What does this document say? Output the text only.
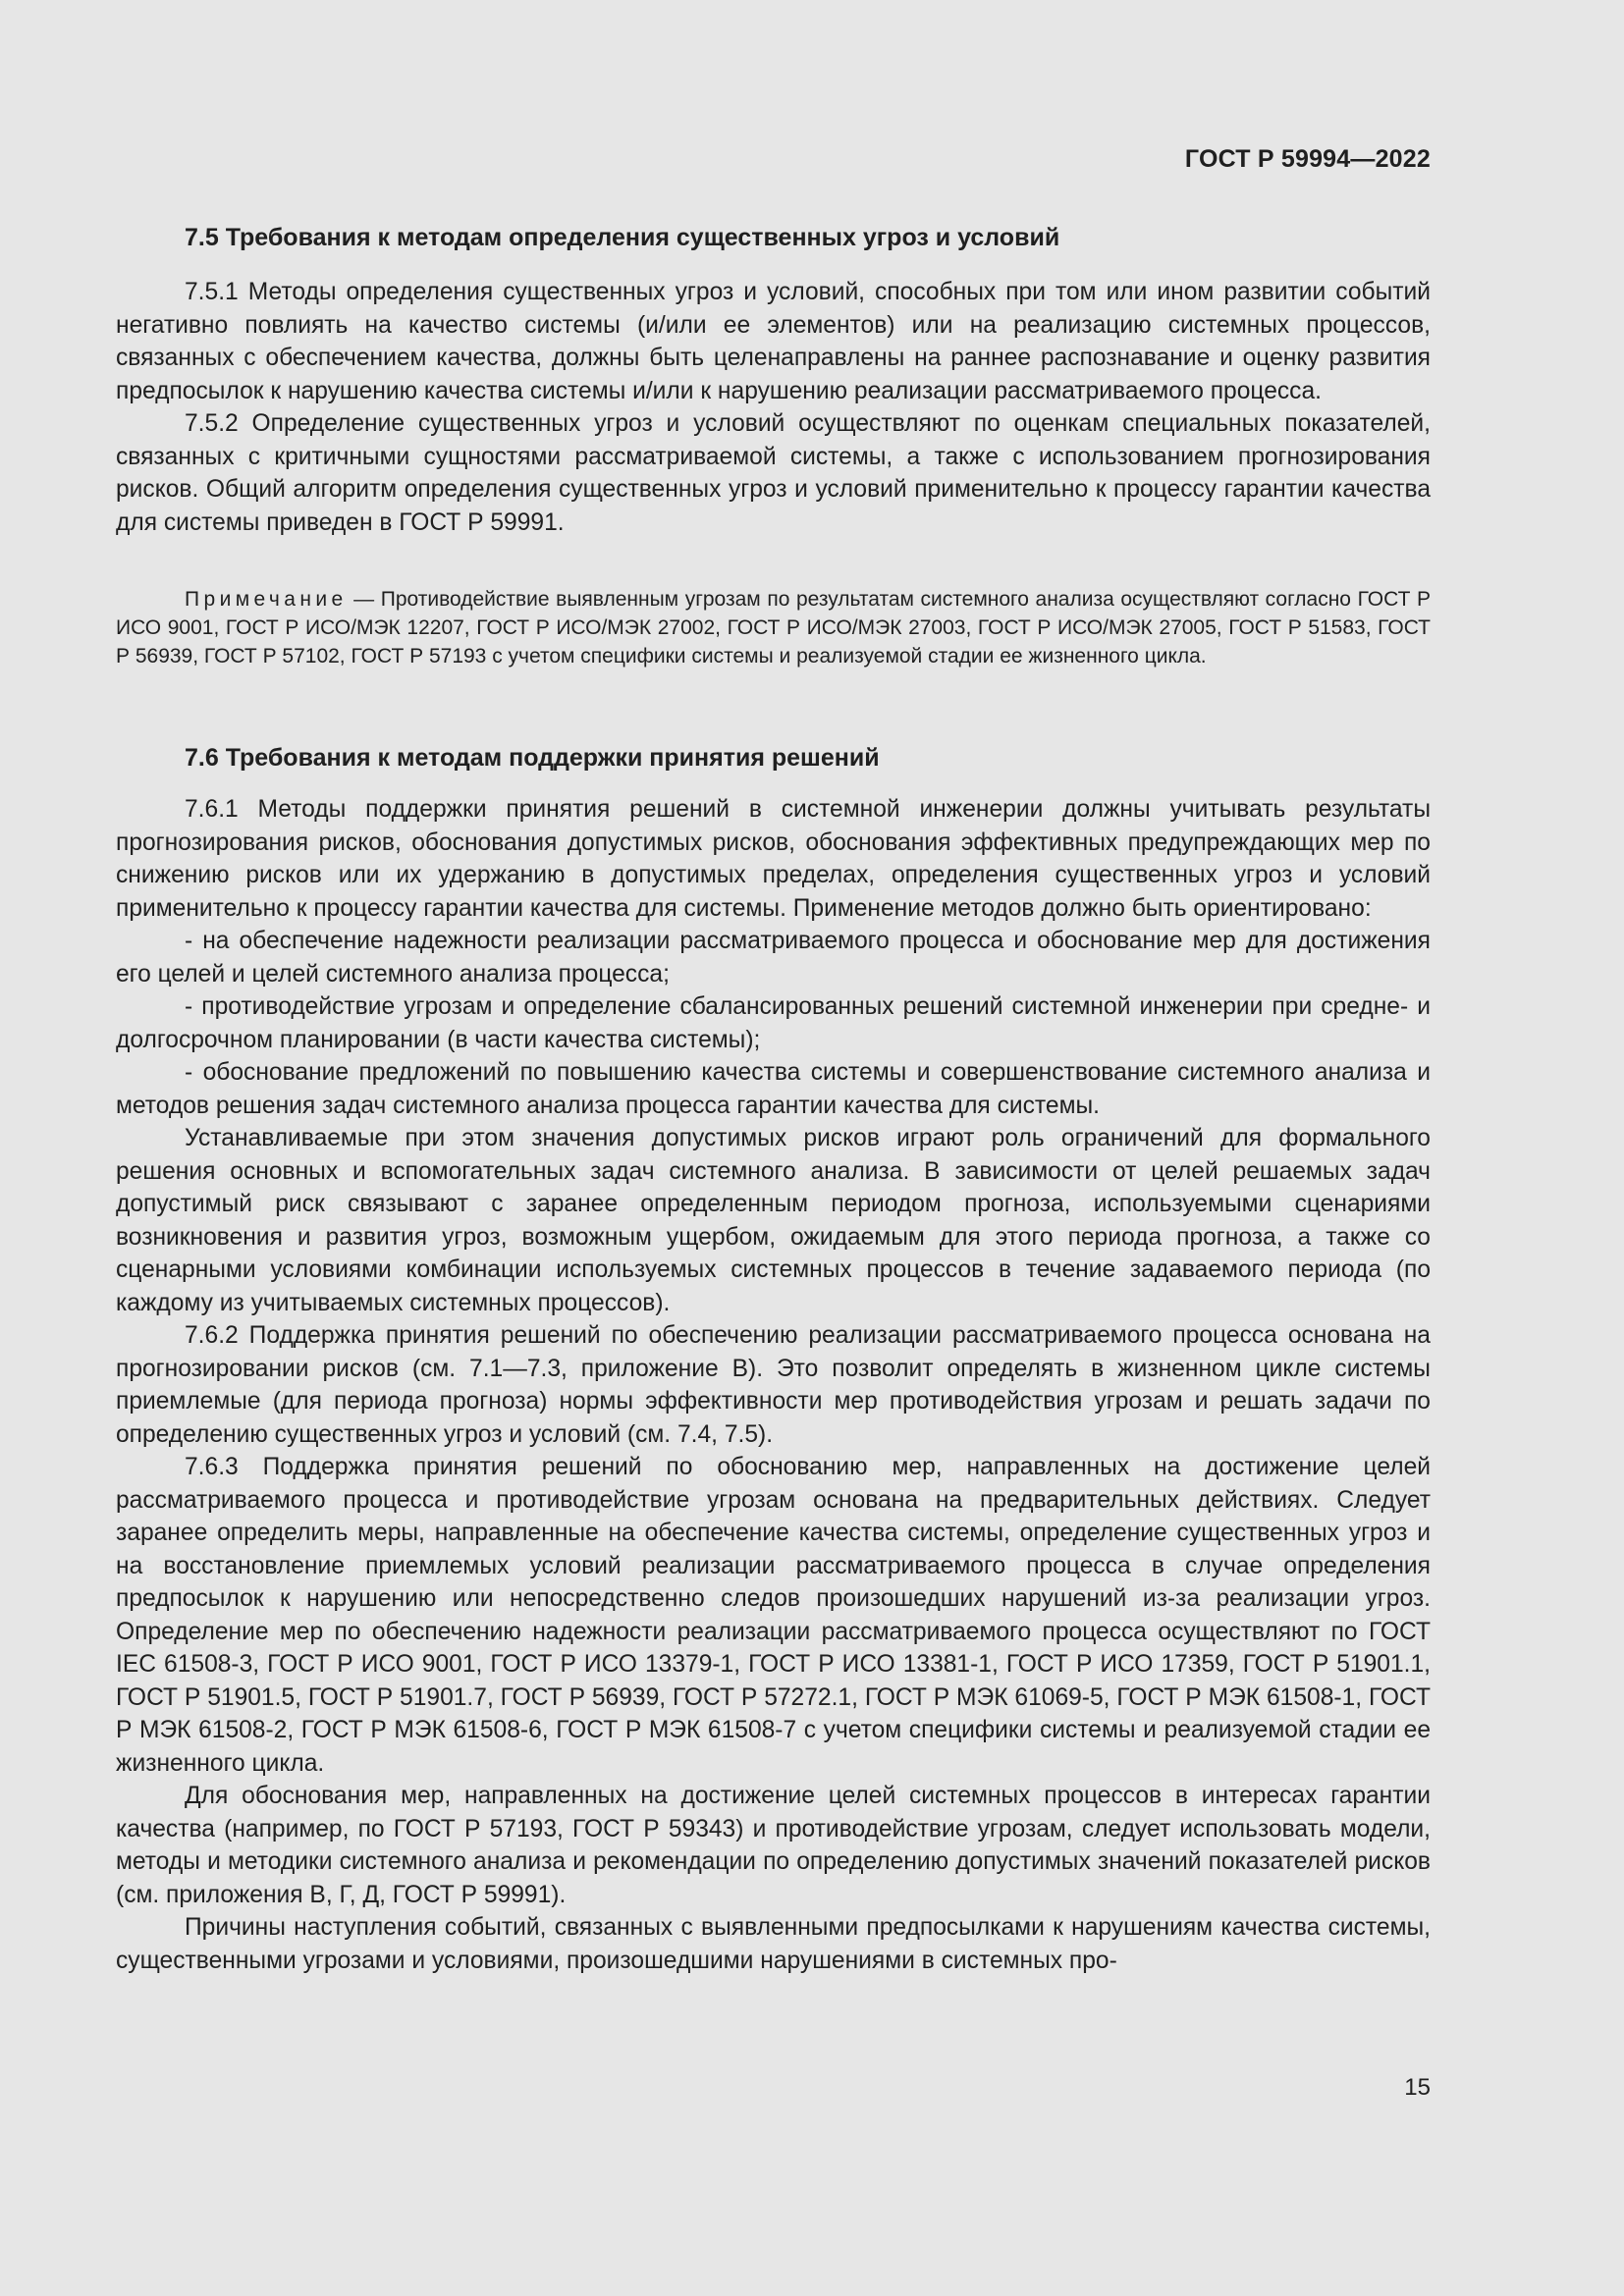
ГОСТ Р 59994—2022
7.5 Требования к методам определения существенных угроз и условий

7.5.1 Методы определения существенных угроз и условий, способных при том или ином развитии событий негативно повлиять на качество системы (и/или ее элементов) или на реализацию системных процессов, связанных с обеспечением качества, должны быть целенаправлены на раннее распознавание и оценку развития предпосылок к нарушению качества системы и/или к нарушению реализации рассматриваемого процесса.

7.5.2 Определение существенных угроз и условий осуществляют по оценкам специальных показателей, связанных с критичными сущностями рассматриваемой системы, а также с использованием прогнозирования рисков. Общий алгоритм определения существенных угроз и условий применительно к процессу гарантии качества для системы приведен в ГОСТ Р 59991.

Примечание — Противодействие выявленным угрозам по результатам системного анализа осуществляют согласно ГОСТ Р ИСО 9001, ГОСТ Р ИСО/МЭК 12207, ГОСТ Р ИСО/МЭК 27002, ГОСТ Р ИСО/МЭК 27003, ГОСТ Р ИСО/МЭК 27005, ГОСТ Р 51583, ГОСТ Р 56939, ГОСТ Р 57102, ГОСТ Р 57193 с учетом специфики системы и реализуемой стадии ее жизненного цикла.

7.6 Требования к методам поддержки принятия решений

7.6.1 Методы поддержки принятия решений в системной инженерии должны учитывать результаты прогнозирования рисков, обоснования допустимых рисков, обоснования эффективных предупреждающих мер по снижению рисков или их удержанию в допустимых пределах, определения существенных угроз и условий применительно к процессу гарантии качества для системы. Применение методов должно быть ориентировано:

- на обеспечение надежности реализации рассматриваемого процесса и обоснование мер для достижения его целей и целей системного анализа процесса;

- противодействие угрозам и определение сбалансированных решений системной инженерии при средне- и долгосрочном планировании (в части качества системы);

- обоснование предложений по повышению качества системы и совершенствование системного анализа и методов решения задач системного анализа процесса гарантии качества для системы.

Устанавливаемые при этом значения допустимых рисков играют роль ограничений для формального решения основных и вспомогательных задач системного анализа. В зависимости от целей решаемых задач допустимый риск связывают с заранее определенным периодом прогноза, используемыми сценариями возникновения и развития угроз, возможным ущербом, ожидаемым для этого периода прогноза, а также со сценарными условиями комбинации используемых системных процессов в течение задаваемого периода (по каждому из учитываемых системных процессов).

7.6.2 Поддержка принятия решений по обеспечению реализации рассматриваемого процесса основана на прогнозировании рисков (см. 7.1—7.3, приложение В). Это позволит определять в жизненном цикле системы приемлемые (для периода прогноза) нормы эффективности мер противодействия угрозам и решать задачи по определению существенных угроз и условий (см. 7.4, 7.5).

7.6.3 Поддержка принятия решений по обоснованию мер, направленных на достижение целей рассматриваемого процесса и противодействие угрозам основана на предварительных действиях. Следует заранее определить меры, направленные на обеспечение качества системы, определение существенных угроз и на восстановление приемлемых условий реализации рассматриваемого процесса в случае определения предпосылок к нарушению или непосредственно следов произошедших нарушений из-за реализации угроз. Определение мер по обеспечению надежности реализации рассматриваемого процесса осуществляют по ГОСТ IEC 61508-3, ГОСТ Р ИСО 9001, ГОСТ Р ИСО 13379-1, ГОСТ Р ИСО 13381-1, ГОСТ Р ИСО 17359, ГОСТ Р 51901.1, ГОСТ Р 51901.5, ГОСТ Р 51901.7, ГОСТ Р 56939, ГОСТ Р 57272.1, ГОСТ Р МЭК 61069-5, ГОСТ Р МЭК 61508-1, ГОСТ Р МЭК 61508-2, ГОСТ Р МЭК 61508-6, ГОСТ Р МЭК 61508-7 с учетом специфики системы и реализуемой стадии ее жизненного цикла.

Для обоснования мер, направленных на достижение целей системных процессов в интересах гарантии качества (например, по ГОСТ Р 57193, ГОСТ Р 59343) и противодействие угрозам, следует использовать модели, методы и методики системного анализа и рекомендации по определению допустимых значений показателей рисков (см. приложения В, Г, Д, ГОСТ Р 59991).

Причины наступления событий, связанных с выявленными предпосылками к нарушениям качества системы, существенными угрозами и условиями, произошедшими нарушениями в системных про-

15
